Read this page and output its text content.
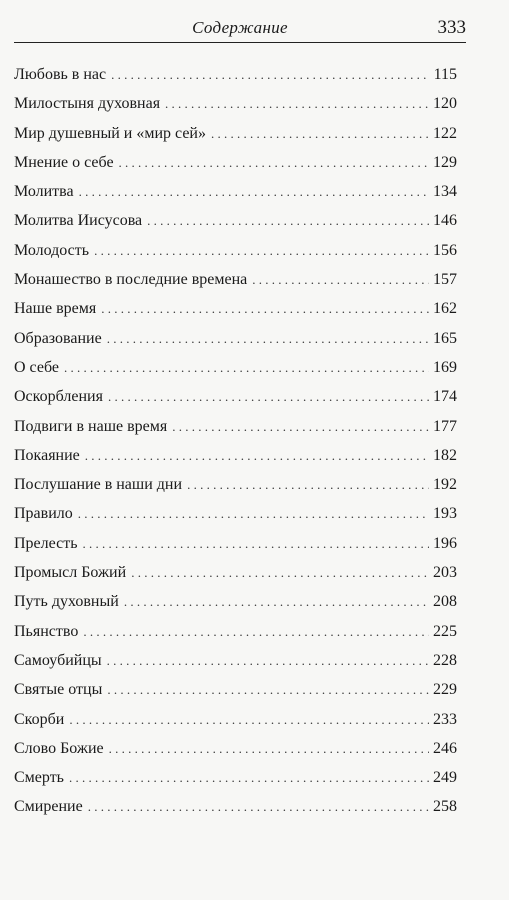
Содержание	333
Любовь в нас . . .	115
Милостыня духовная . . .	120
Мир душевный и «мир сей» . . .	122
Мнение о себе . . .	129
Молитва . . .	134
Молитва Иисусова . . .	146
Молодость . . .	156
Монашество в последние времена . . .	157
Наше время . . .	162
Образование . . .	165
О себе . . .	169
Оскорбления . . .	174
Подвиги в наше время . . .	177
Покаяние . . .	182
Послушание в наши дни . . .	192
Правило . . .	193
Прелесть . . .	196
Промысл Божий . . .	203
Путь духовный . . .	208
Пьянство . . .	225
Самоубийцы . . .	228
Святые отцы . . .	229
Скорби . . .	233
Слово Божие . . .	246
Смерть . . .	249
Смирение . . .	258
